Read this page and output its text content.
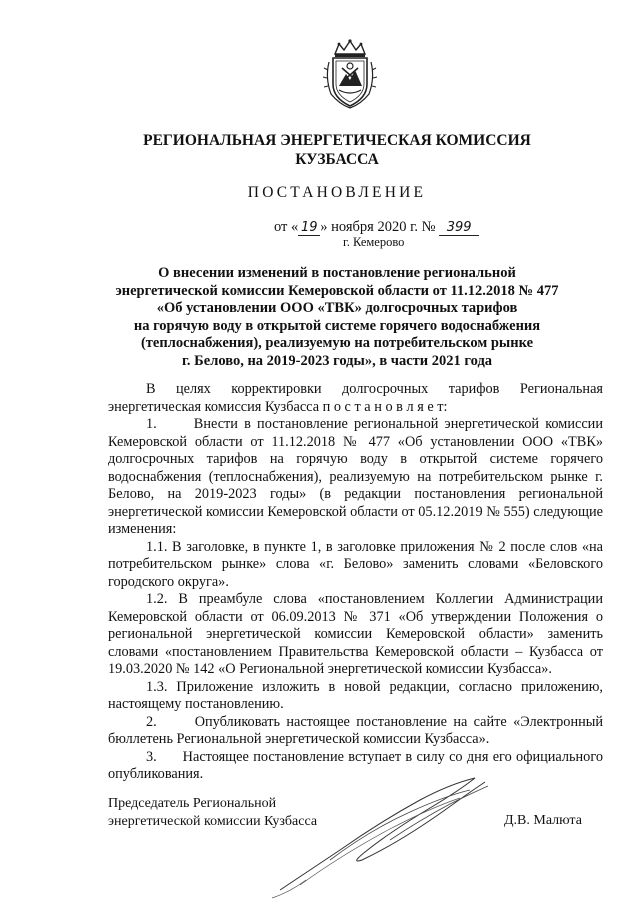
РЕГИОНАЛЬНАЯ ЭНЕРГЕТИЧЕСКАЯ КОМИССИЯ
КУЗБАССА
ПОСТАНОВЛЕНИЕ
от « 19 » ноября 2020 г. № 399
г. Кемерово
О внесении изменений в постановление региональной
энергетической комиссии Кемеровской области от 11.12.2018 № 477
«Об установлении ООО «ТВК» долгосрочных тарифов
на горячую воду в открытой системе горячего водоснабжения
(теплоснабжения), реализуемую на потребительском рынке
г. Белово, на 2019-2023 годы», в части 2021 года

В целях корректировки долгосрочных тарифов Региональная энергетическая комиссия Кузбасса п о с т а н о в л я е т:

1.      Внести в постановление региональной энергетической комиссии Кемеровской области от 11.12.2018 № 477 «Об установлении ООО «ТВК» долгосрочных тарифов на горячую воду в открытой системе горячего водоснабжения (теплоснабжения), реализуемую на потребительском рынке г. Белово, на 2019-2023 годы» (в редакции постановления региональной энергетической комиссии Кемеровской области от 05.12.2019 № 555) следующие изменения:

1.1. В заголовке, в пункте 1, в заголовке приложения № 2 после слов «на потребительском рынке» слова «г. Белово» заменить словами «Беловского городского округа».

1.2. В преамбуле слова «постановлением Коллегии Администрации Кемеровской области от 06.09.2013 № 371 «Об утверждении Положения о региональной энергетической комиссии Кемеровской области» заменить словами «постановлением Правительства Кемеровской области – Кузбасса от 19.03.2020 № 142 «О Региональной энергетической комиссии Кузбасса».

1.3. Приложение изложить в новой редакции, согласно приложению, настоящему постановлению.

2.      Опубликовать настоящее постановление на сайте «Электронный бюллетень Региональной энергетической комиссии Кузбасса».

3.      Настоящее постановление вступает в силу со дня его официального опубликования.

Председатель Региональной
энергетической комиссии Кузбасса	Д.В. Малюта
